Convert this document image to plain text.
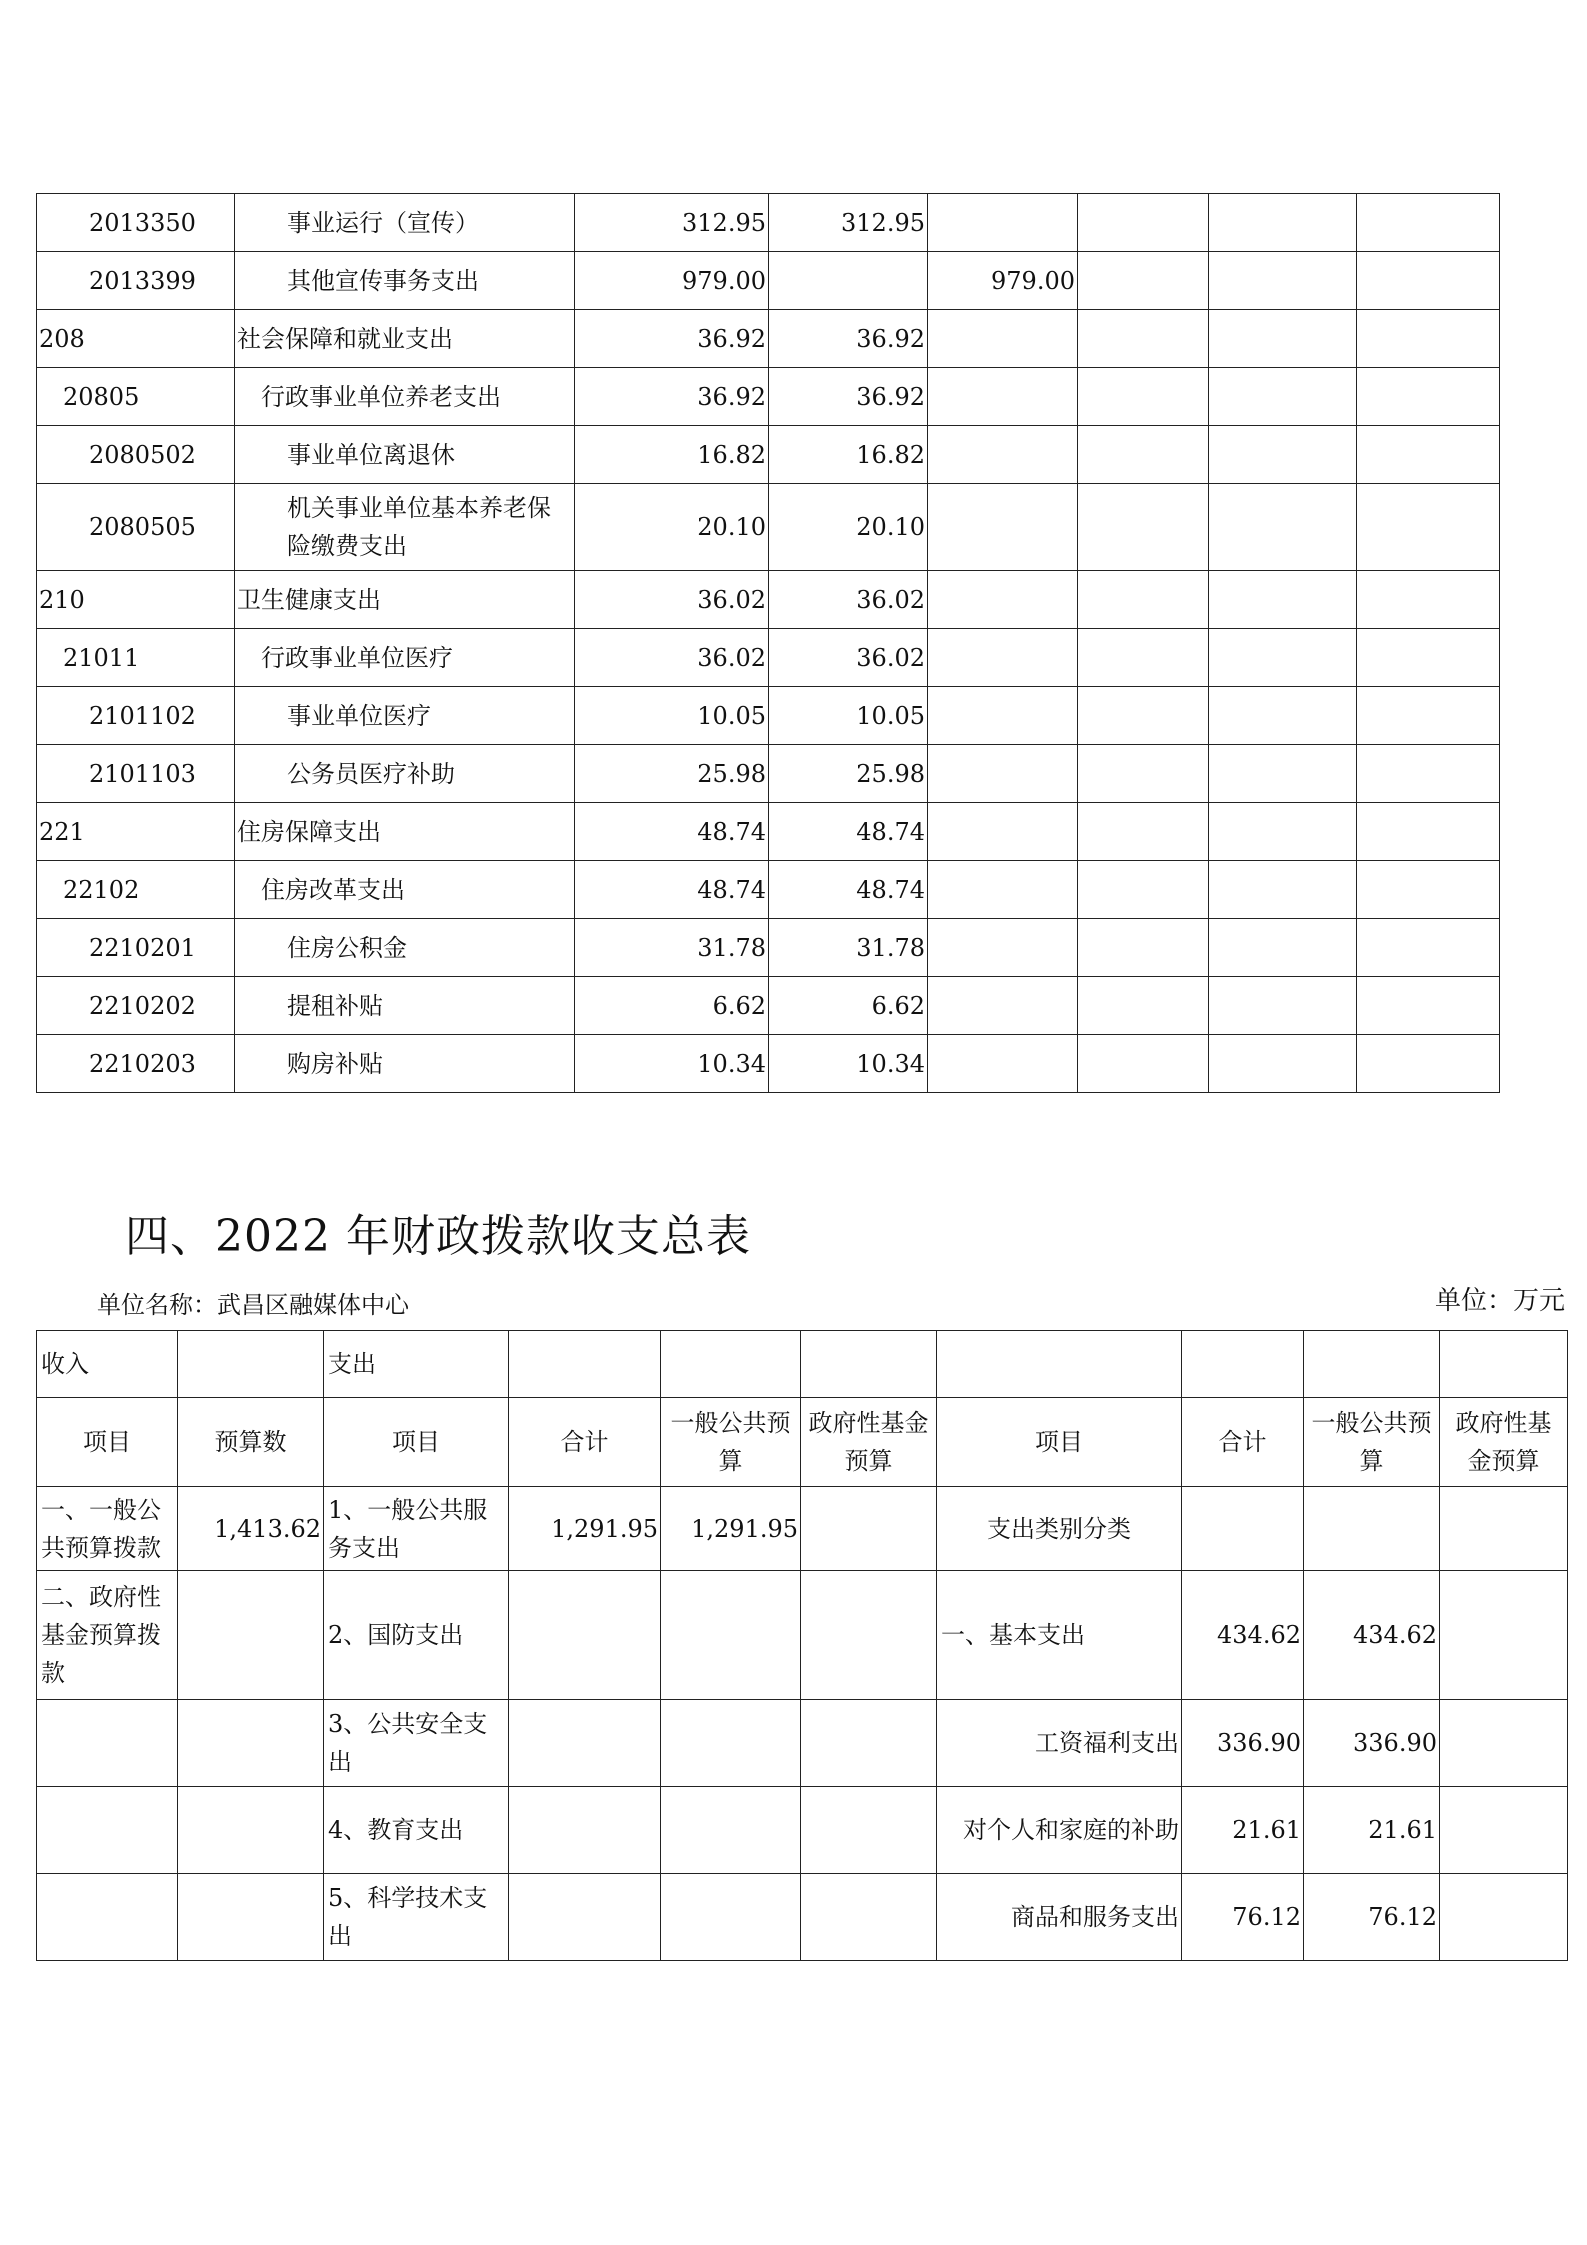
2013350	事业运行（宣传）	312.95	312.95				
2013399	其他宣传事务支出	979.00		979.00			
208	社会保障和就业支出	36.92	36.92				
20805	行政事业单位养老支出	36.92	36.92				
2080502	事业单位离退休	16.82	16.82				
2080505	机关事业单位基本养老保险缴费支出	20.10	20.10				
210	卫生健康支出	36.02	36.02				
21011	行政事业单位医疗	36.02	36.02				
2101102	事业单位医疗	10.05	10.05				
2101103	公务员医疗补助	25.98	25.98				
221	住房保障支出	48.74	48.74				
22102	住房改革支出	48.74	48.74				
2210201	住房公积金	31.78	31.78				
2210202	提租补贴	6.62	6.62				
2210203	购房补贴	10.34	10.34				
四、2022 年财政拨款收支总表
单位名称：武昌区融媒体中心	单位：万元
收入		支出							
项目	预算数	项目	合计	一般公共预算	政府性基金预算	项目	合计	一般公共预算	政府性基金预算
一、一般公共预算拨款	1,413.62	1、一般公共服务支出	1,291.95	1,291.95		支出类别分类			
二、政府性基金预算拨款		2、国防支出				一、基本支出	434.62	434.62	
		3、公共安全支出				工资福利支出	336.90	336.90	
		4、教育支出				对个人和家庭的补助	21.61	21.61	
		5、科学技术支出				商品和服务支出	76.12	76.12	
